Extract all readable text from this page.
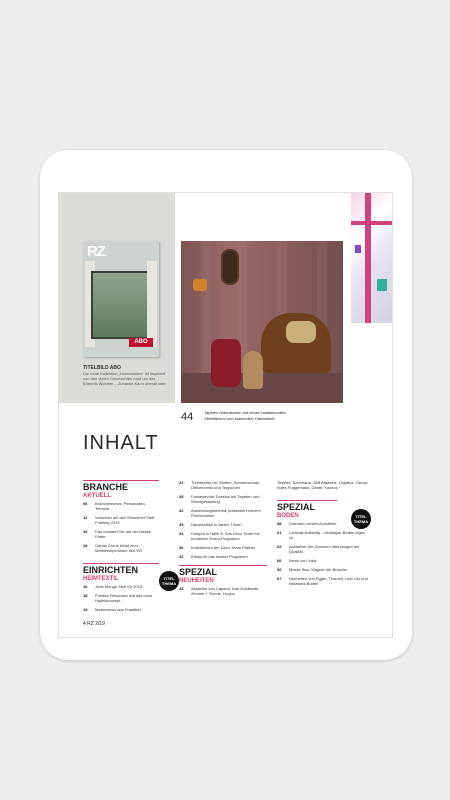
RZ
ABO
TITELBILD ABO
Die neue Kollektion „Homestories“ ist inspiriert von den vielen Geschichten rund um das Erlebnis Wohnen – Zuhause.Kann überall sein.
44	Tapeten überraschen mit neuen fantasievollen Oberflächen und kunstvoller Handarbeit.
INHALT
BRANCHE
AKTUELL
06	Branchennews, Personalien, Termine
12	Vorschau auf den Münchner Stoff Frühling 2019
16	Das erwartet Sie auf der Messe Farbe
18	Carola Crone blickt zum Meisterstipendium des VÖ
EINRICHTEN
HEIMTEXTIL
16	Jede Menge Stoff für 2019
18	Positive Resonanz auf das neue Hallenkonzept
19	Messenews aus Frankfurt
TITEL THEMA
22	Trendsetter bei Stoffen, Sonnenschutz, Dekotechnik und Teppichen
28	Fantasievolle Dessins bei Tapeten und Wandgestaltung
32	Anwendungstechnik präsentiert clevere Problemlöser
33	Hausteztiles in zarten Tönen
34	Hotspot in Halle 8: Das Deco Team mit kreativem Event-Programm
36	Kollektionen der Deco Team Partner
42	Erfolg für das Insider Programm
SPEZIAL
NEUHEITEN
43	Aktuelles von Caparol, Ado Goldkante, Zimmer + Rohde, Hoyba
Textiles, Sonnhaus, JAB Anstoetz, Drapilux, Gecos, Indes Fuggerhaus, Dante, Kadeco
SPEZIAL
BODEN
58	Domotex verliert Aussteller
61	Laminat-Kollaufig – Multilayer-Böden legen zu
62	Aussteller der Domotex überzeugen mit Qualität
66	News von Joka
66	Messe Bau: Magnet der Branche
67	Neuheiten von Egger, Thomsit, Uzin Utz und Netzwerk Boden
TITEL THEMA
4 RZ 2/19
